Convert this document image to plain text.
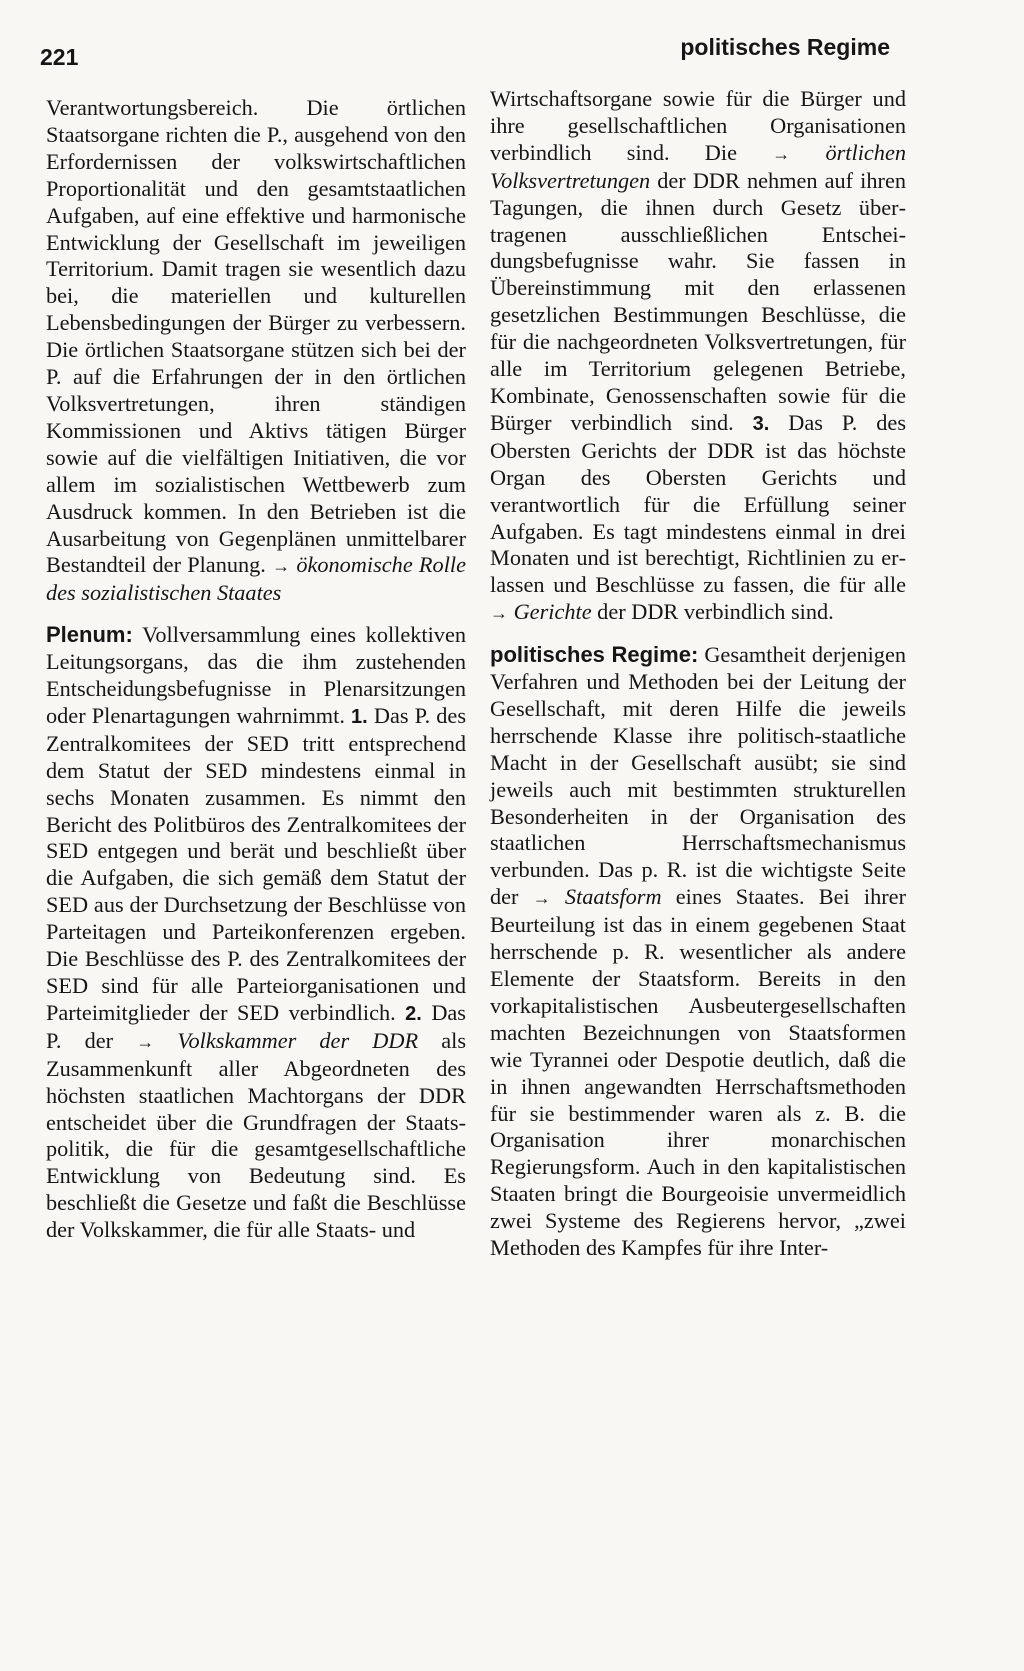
221	politisches Regime

Verantwortungsbereich. Die örtlichen Staatsorgane richten die P., ausgehend von den Erfordernissen der volkswirtschaftlichen Proportionalität und den gesamtstaatlichen Aufgaben, auf eine effektive und harmonische Entwicklung der Gesellschaft im jeweiligen Territorium. Damit tragen sie wesentlich dazu bei, die materiellen und kulturellen Lebensbedingungen der Bürger zu verbessern. Die örtlichen Staatsorgane stützen sich bei der P. auf die Erfahrungen der in den örtlichen Volksvertretungen, ihren ständigen Kommissionen und Aktivs tätigen Bürger sowie auf die vielfältigen Initiativen, die vor allem im sozialistischen Wettbewerb zum Ausdruck kommen. In den Betrieben ist die Ausarbeitung von Gegenplänen unmittelbarer Bestandteil der Planung. → ökonomische Rolle des sozialistischen Staates

Plenum: Vollversammlung eines kollektiven Leitungsorgans, das die ihm zustehenden Entscheidungsbefugnisse in Plenarsitzungen oder Plenartagungen wahrnimmt. 1. Das P. des Zentralkomitees der SED tritt entsprechend dem Statut der SED mindestens einmal in sechs Monaten zusammen. Es nimmt den Bericht des Politbüros des Zentralkomitees der SED entgegen und berät und beschließt über die Aufgaben, die sich gemäß dem Statut der SED aus der Durchsetzung der Beschlüsse von Parteitagen und Parteikonferenzen ergeben. Die Beschlüsse des P. des Zentralkomitees der SED sind für alle Parteiorganisationen und Parteimitglieder der SED verbindlich. 2. Das P. der → Volkskammer der DDR als Zusammenkunft aller Abgeordneten des höchsten staatlichen Machtorgans der DDR entscheidet über die Grundfragen der Staatspolitik, die für die gesamtgesellschaftliche Entwicklung von Bedeutung sind. Es beschließt die Gesetze und faßt die Beschlüsse der Volkskammer, die für alle Staats- und

Wirtschaftsorgane sowie für die Bürger und ihre gesellschaftlichen Organisationen verbindlich sind. Die → örtlichen Volksvertretungen der DDR nehmen auf ihren Tagungen, die ihnen durch Gesetz übertragenen ausschließlichen Entscheidungsbefugnisse wahr. Sie fassen in Übereinstimmung mit den erlassenen gesetzlichen Bestimmungen Beschlüsse, die für die nachgeordneten Volksvertretungen, für alle im Territorium gelegenen Betriebe, Kombinate, Genossenschaften sowie für die Bürger verbindlich sind. 3. Das P. des Obersten Gerichts der DDR ist das höchste Organ des Obersten Gerichts und verantwortlich für die Erfüllung seiner Aufgaben. Es tagt mindestens einmal in drei Monaten und ist berechtigt, Richtlinien zu erlassen und Beschlüsse zu fassen, die für alle → Gerichte der DDR verbindlich sind.

politisches Regime: Gesamtheit derjenigen Verfahren und Methoden bei der Leitung der Gesellschaft, mit deren Hilfe die jeweils herrschende Klasse ihre politisch-staatliche Macht in der Gesellschaft ausübt; sie sind jeweils auch mit bestimmten strukturellen Besonderheiten in der Organisation des staatlichen Herrschaftsmechanismus verbunden. Das p. R. ist die wichtigste Seite der → Staatsform eines Staates. Bei ihrer Beurteilung ist das in einem gegebenen Staat herrschende p. R. wesentlicher als andere Elemente der Staatsform. Bereits in den vorkapitalistischen Ausbeutergesellschaften machten Bezeichnungen von Staatsformen wie Tyrannei oder Despotie deutlich, daß die in ihnen angewandten Herrschaftsmethoden für sie bestimmender waren als z. B. die Organisation ihrer monarchischen Regierungsform. Auch in den kapitalistischen Staaten bringt die Bourgeoisie unvermeidlich zwei Systeme des Regierens hervor, „zwei Methoden des Kampfes für ihre Inter-
